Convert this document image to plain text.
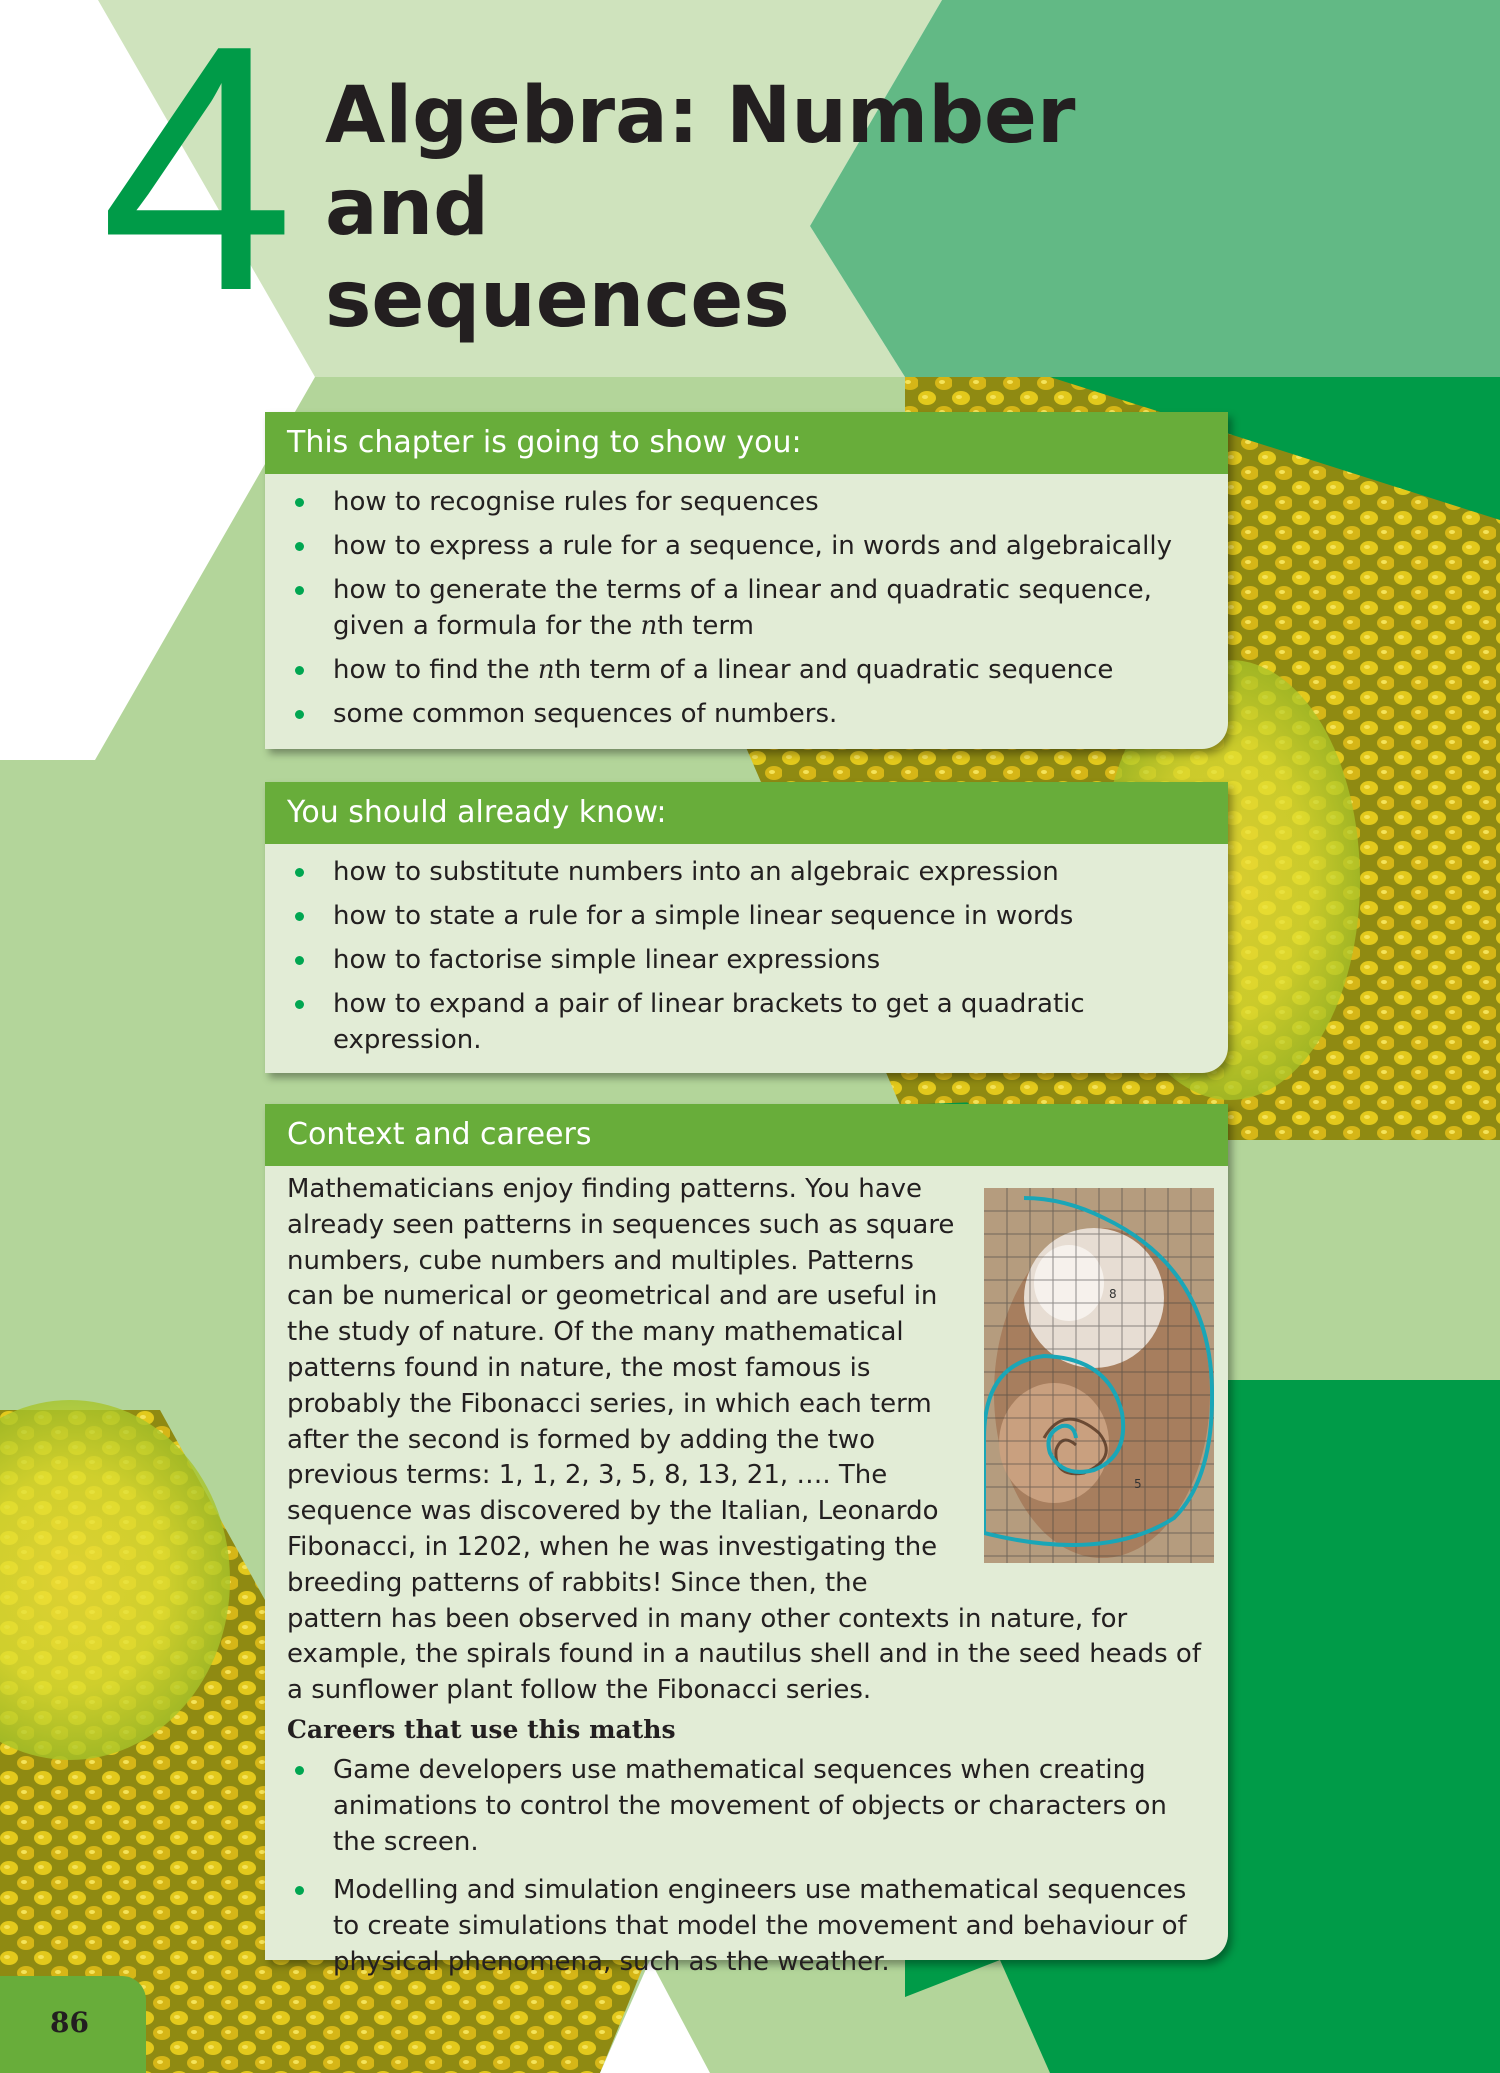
4 Algebra: Number and
sequences
This chapter is going to show you:
how to recognise rules for sequences
how to express a rule for a sequence, in words and algebraically
how to generate the terms of a linear and quadratic sequence, given a formula for the nth term
how to find the nth term of a linear and quadratic sequence
some common sequences of numbers.
You should already know:
how to substitute numbers into an algebraic expression
how to state a rule for a simple linear sequence in words
how to factorise simple linear expressions
how to expand a pair of linear brackets to get a quadratic expression.
Context and careers
8
5

Mathematicians enjoy finding patterns. You have already seen patterns in sequences such as square numbers, cube numbers and multiples. Patterns can be numerical or geometrical and are useful in the study of nature. Of the many mathematical patterns found in nature, the most famous is probably the Fibonacci series, in which each term after the second is formed by adding the two previous terms: 1, 1, 2, 3, 5, 8, 13, 21, …. The sequence was discovered by the Italian, Leonardo Fibonacci, in 1202, when he was investigating the breeding patterns of rabbits! Since then, the pattern has been observed in many other contexts in nature, for example, the spirals found in a nautilus shell and in the seed heads of a sunflower plant follow the Fibonacci series.

Careers that use this maths
Game developers use mathematical sequences when creating animations to control the movement of objects or characters on the screen.
Modelling and simulation engineers use mathematical sequences to create simulations that model the movement and behaviour of physical phenomena, such as the weather.
86
